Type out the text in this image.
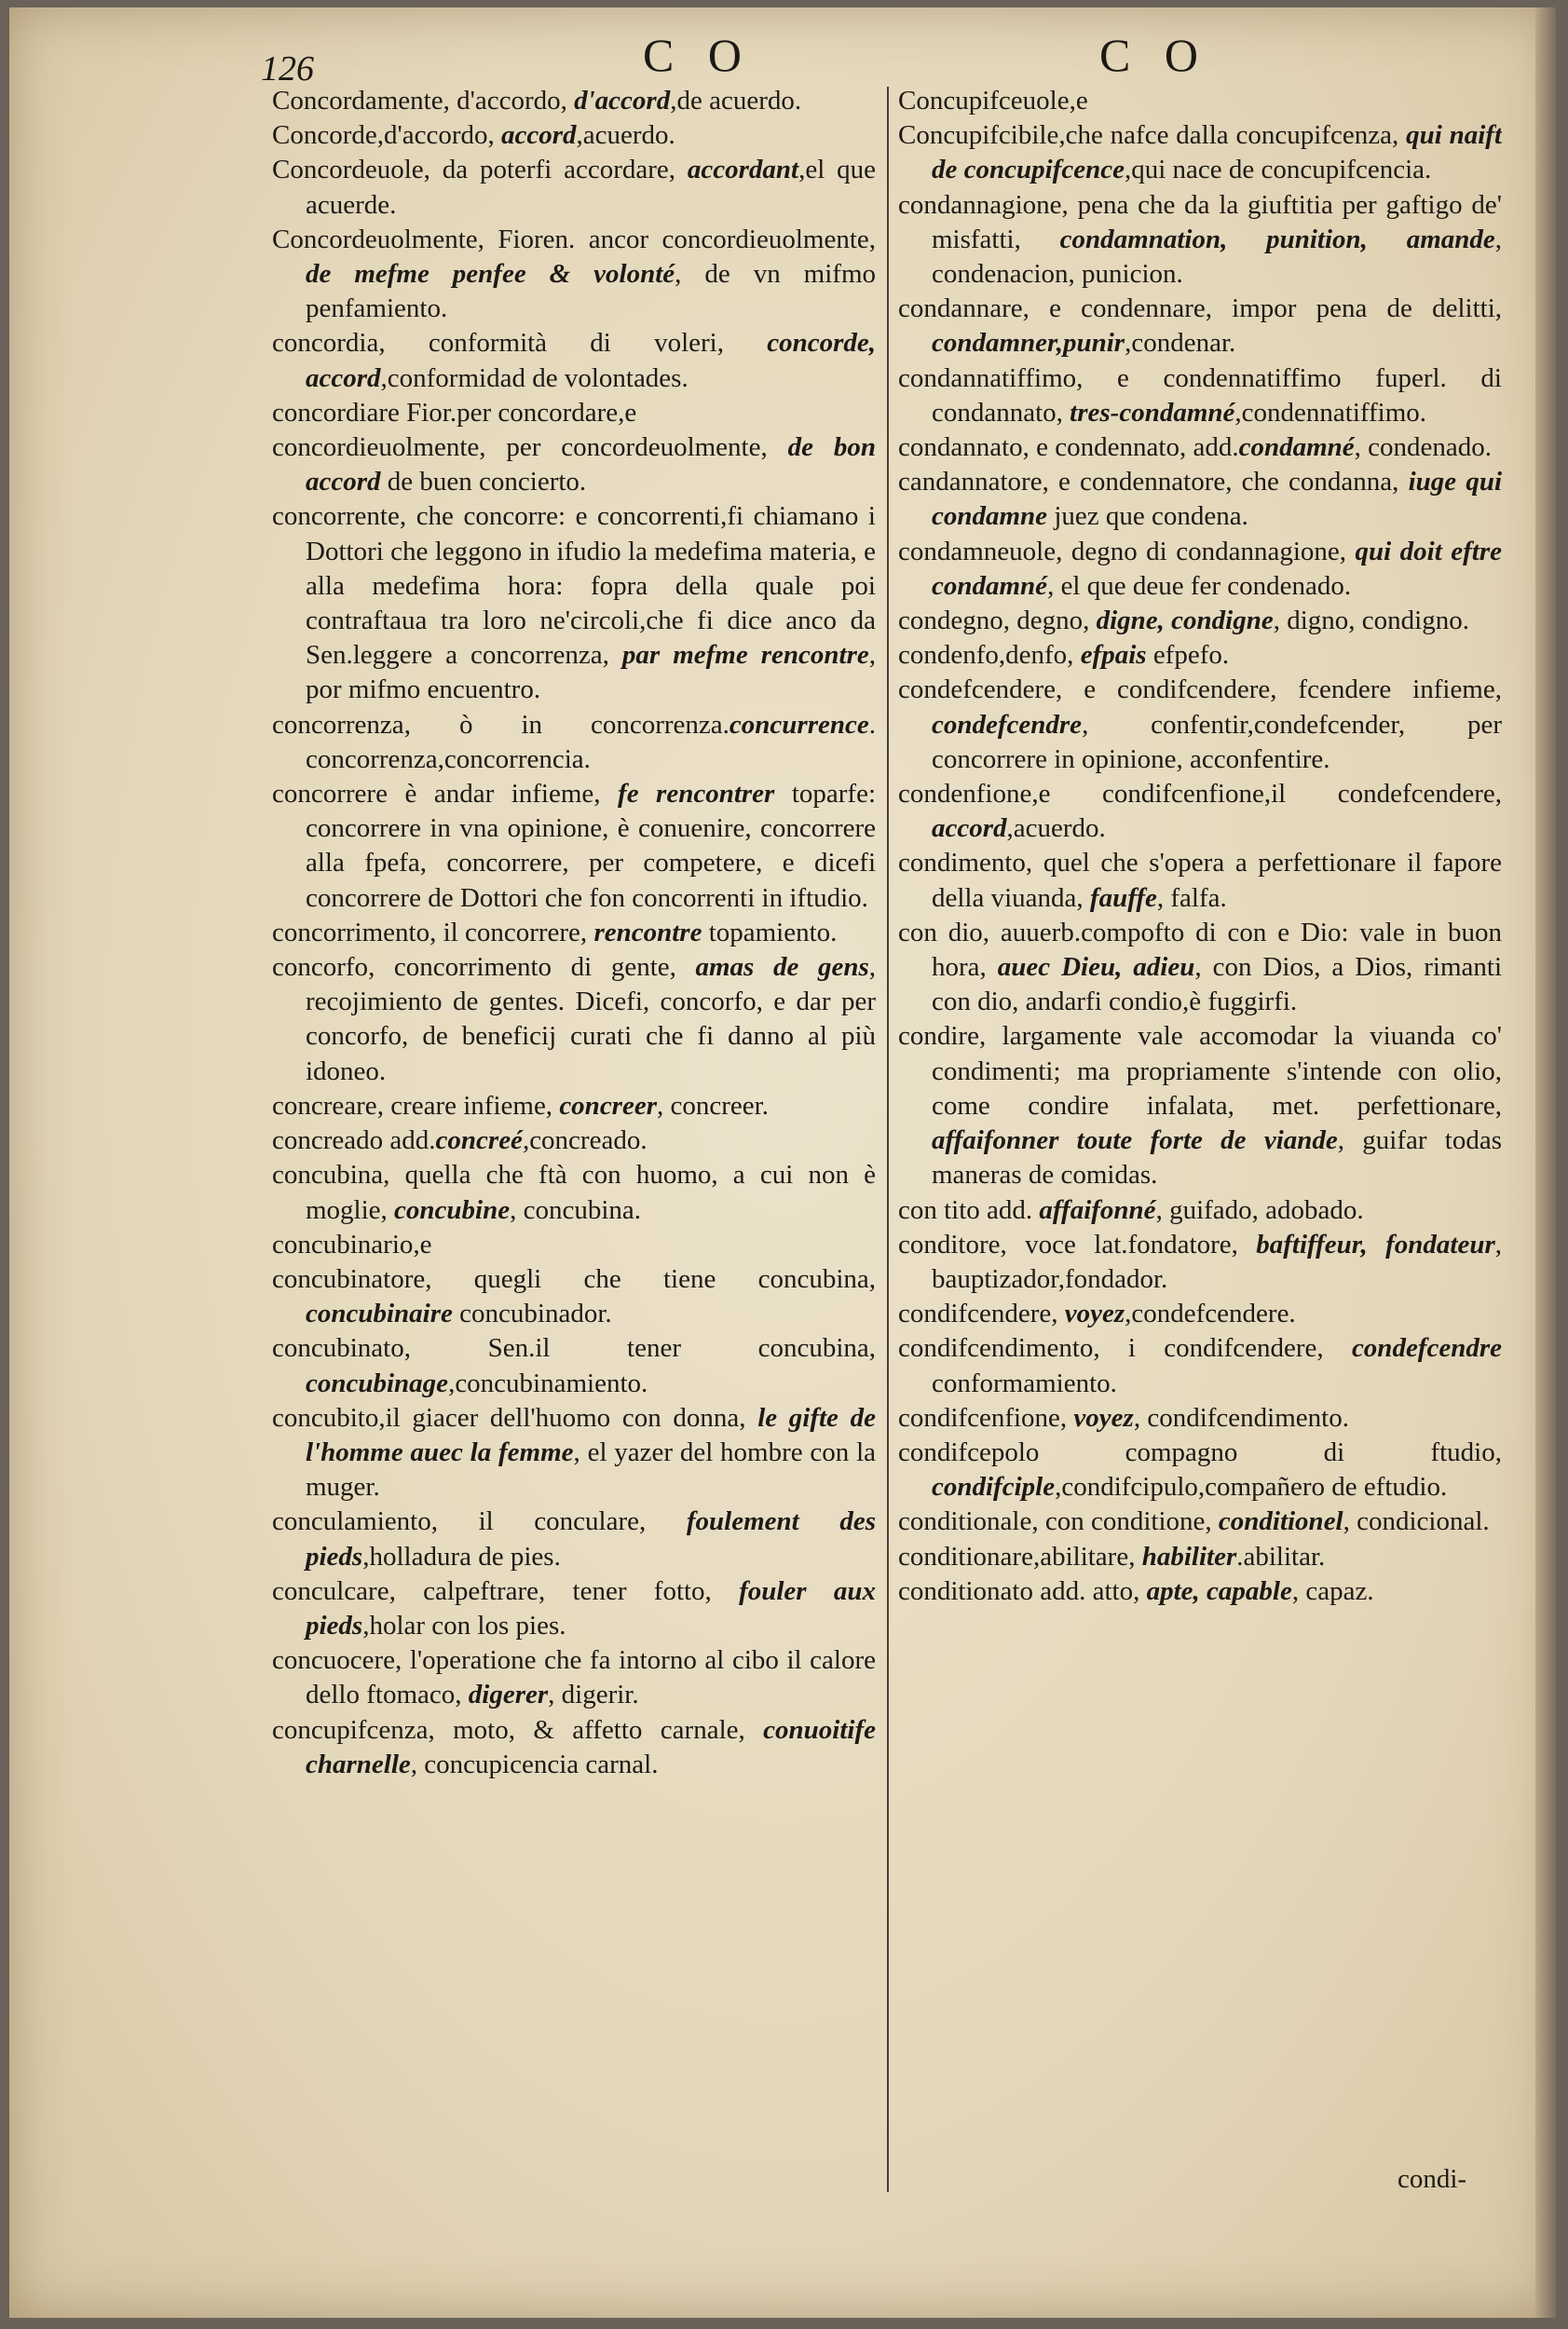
126	C O	C O

Concordamente, d'accordo, d'accord,de acuerdo.

Concorde,d'accordo, accord,acuerdo.

Concordeuole, da poterfi accordare, accordant,el que acuerde.

Concordeuolmente, Fioren. ancor concordieuolmente, de mefme penfee & volonté, de vn mifmo penfamiento.

concordia, conformità di voleri, concorde, accord,conformidad de volontades.

concordiare Fior.per concordare,e

concordieuolmente, per concordeuolmente, de bon accord de buen concierto.

concorrente, che concorre: e concorrenti,fi chiamano i Dottori che leggono in ifudio la medefima materia, e alla medefima hora: fopra della quale poi contraftaua tra loro ne'circoli,che fi dice anco da Sen.leggere a concorrenza, par mefme rencontre, por mifmo encuentro.

concorrenza, ò in concorrenza.concurrence. concorrenza,concorrencia.

concorrere è andar infieme, fe rencontrer toparfe: concorrere in vna opinione, è conuenire, concorrere alla fpefa, concorrere, per competere, e dicefi concorrere de Dottori che fon concorrenti in iftudio.

concorrimento, il concorrere, rencontre topamiento.

concorfo, concorrimento di gente, amas de gens, recojimiento de gentes. Dicefi, concorfo, e dar per concorfo, de beneficij curati che fi danno al più idoneo.

concreare, creare infieme, concreer, concreer.

concreado add.concreé,concreado.

concubina, quella che ftà con huomo, a cui non è moglie, concubine, concubina.

concubinario,e

concubinatore, quegli che tiene concubina, concubinaire concubinador.

concubinato, Sen.il tener concubina, concubinage,concubinamiento.

concubito,il giacer dell'huomo con donna, le gifte de l'homme auec la femme, el yazer del hombre con la muger.

conculamiento, il conculare, foulement des pieds,holladura de pies.

conculcare, calpeftrare, tener fotto, fouler aux pieds,holar con los pies.

concuocere, l'operatione che fa intorno al cibo il calore dello ftomaco, digerer, digerir.

concupifcenza, moto, & affetto carnale, conuoitife charnelle, concupicencia carnal.

Concupifceuole,e

Concupifcibile,che nafce dalla concupifcenza, qui naift de concupifcence,qui nace de concupifcencia.

condannagione, pena che da la giuftitia per gaftigo de' misfatti, condamnation, punition, amande, condenacion, punicion.

condannare, e condennare, impor pena de delitti, condamner,punir,condenar.

condannatiffimo, e condennatiffimo fuperl. di condannato, tres-condamné,condennatiffimo.

condannato, e condennato, add.condamné, condenado.

candannatore, e condennatore, che condanna, iuge qui condamne juez que condena.

condamneuole, degno di condannagione, qui doit eftre condamné, el que deue fer condenado.

condegno, degno, digne, condigne, digno, condigno.

condenfo,denfo, efpais efpefo.

condefcendere, e condifcendere, fcendere infieme, condefcendre, confentir,condefcender, per concorrere in opinione, acconfentire.

condenfione,e condifcenfione,il condefcendere, accord,acuerdo.

condimento, quel che s'opera a perfettionare il fapore della viuanda, fauffe, falfa.

con dio, auuerb.compofto di con e Dio: vale in buon hora, auec Dieu, adieu, con Dios, a Dios, rimanti con dio, andarfi condio,è fuggirfi.

condire, largamente vale accomodar la viuanda co' condimenti; ma propriamente s'intende con olio, come condire infalata, met. perfettionare, affaifonner toute forte de viande, guifar todas maneras de comidas.

con tito add. affaifonné, guifado, adobado.

conditore, voce lat.fondatore, baftiffeur, fondateur, bauptizador,fondador.

condifcendere, voyez,condefcendere.

condifcendimento, i condifcendere, condefcendre conformamiento.

condifcenfione, voyez, condifcendimento.

condifcepolo compagno di ftudio, condifciple,condifcipulo,compañero de eftudio.

conditionale, con conditione, conditionel, condicional.

conditionare,abilitare, habiliter.abilitar.

conditionato add. atto, apte, capable, capaz.

condi-
